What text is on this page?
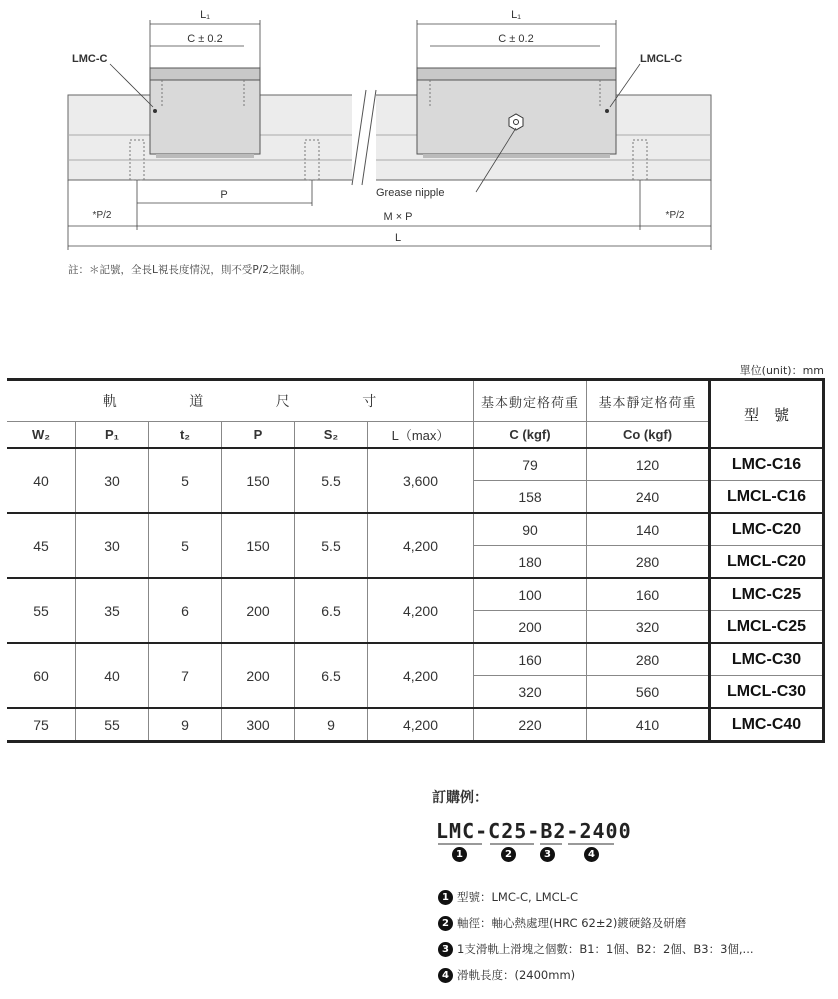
L₁
C ± 0.2
L₁
C ± 0.2
LMC-C	LMCL-C
P	Grease nipple
*P/2	M × P	*P/2
L
註：＊記號，全長L視長度情況，則不受P/2之限制。
單位(unit)：mm
軌 道 尺 寸						基本動定格荷重	基本靜定格荷重	型　號
W₂	P₁	t₂	P	S₂	L（max）	C (kgf)	Co (kgf)	
40	30	5	150	5.5	3,600	79	120	LMC-C16
						158	240	LMCL-C16
45	30	5	150	5.5	4,200	90	140	LMC-C20
						180	280	LMCL-C20
55	35	6	200	6.5	4,200	100	160	LMC-C25
						200	320	LMCL-C25
60	40	7	200	6.5	4,200	160	280	LMC-C30
						320	560	LMCL-C30
75	55	9	300	9	4,200	220	410	LMC-C40
訂購例：
LMC-C25-B2-2400
1	2	3	4
1 型號：LMC-C, LMCL-C
2 軸徑：軸心熱處理(HRC 62±2)鍍硬鉻及研磨
3 1支滑軌上滑塊之個數：B1：1個、B2：2個、B3：3個,...
4 滑軌長度：(2400mm)
